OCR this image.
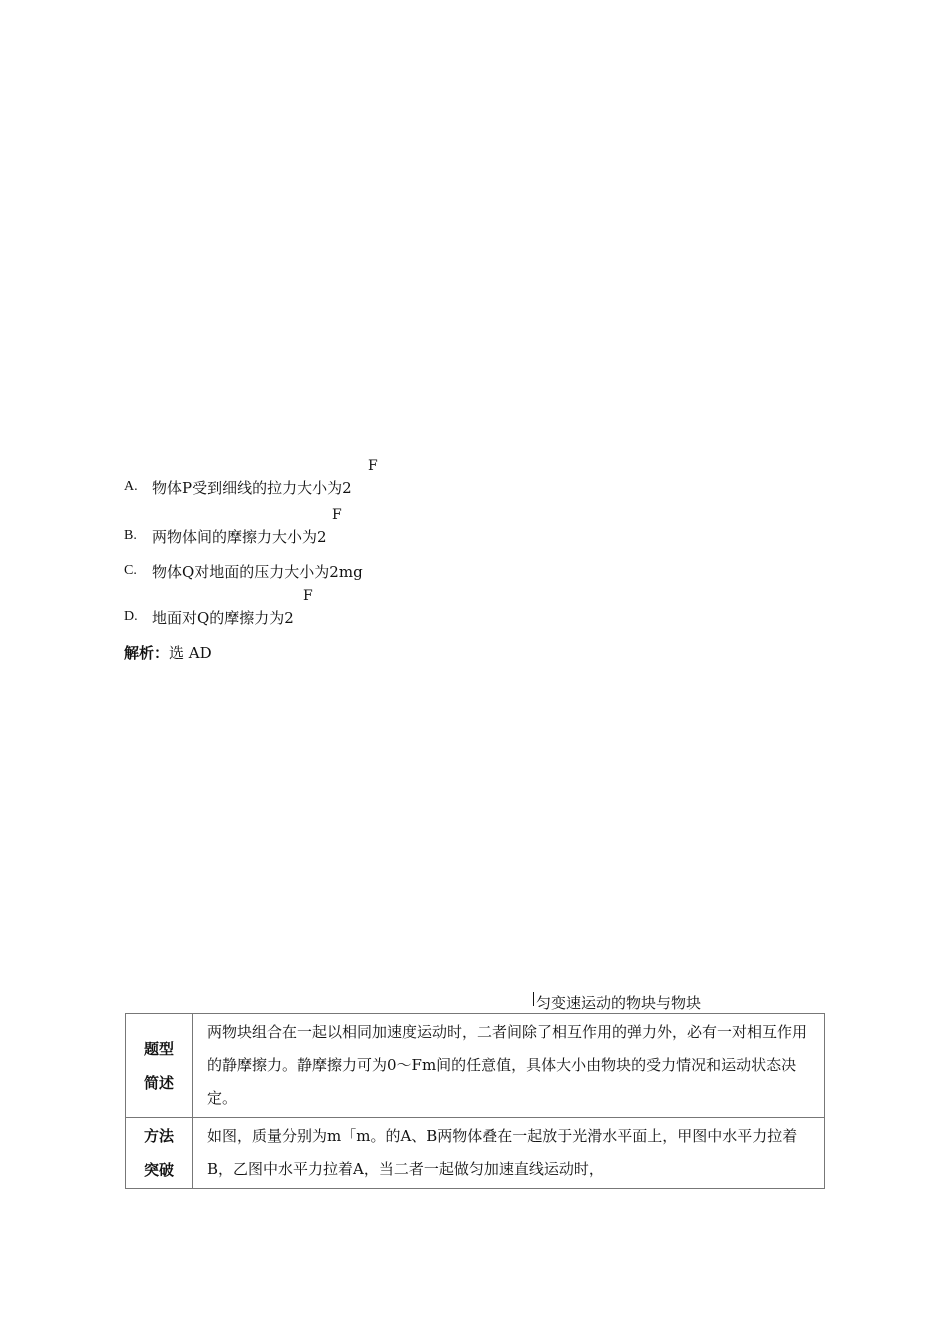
F
A. 物体P受到细线的拉力大小为2
F
B. 两物体间的摩擦力大小为2
C. 物体Q对地面的压力大小为2mg
F
D. 地面对Q的摩擦力为2
解析：选 AD
匀变速运动的物块与物块
题型
简述	两物块组合在一起以相同加速度运动时，二者间除了相互作用的弹力外，必有一对相互作用的静摩擦力。静摩擦力可为0〜Fm间的任意值，具体大小由物块的受力情况和运动状态决定。

方法
突破	如图，质量分别为m「m。的A、B两物体叠在一起放于光滑水平面上，甲图中水平力拉着B，乙图中水平力拉着A，当二者一起做匀加速直线运动时，
